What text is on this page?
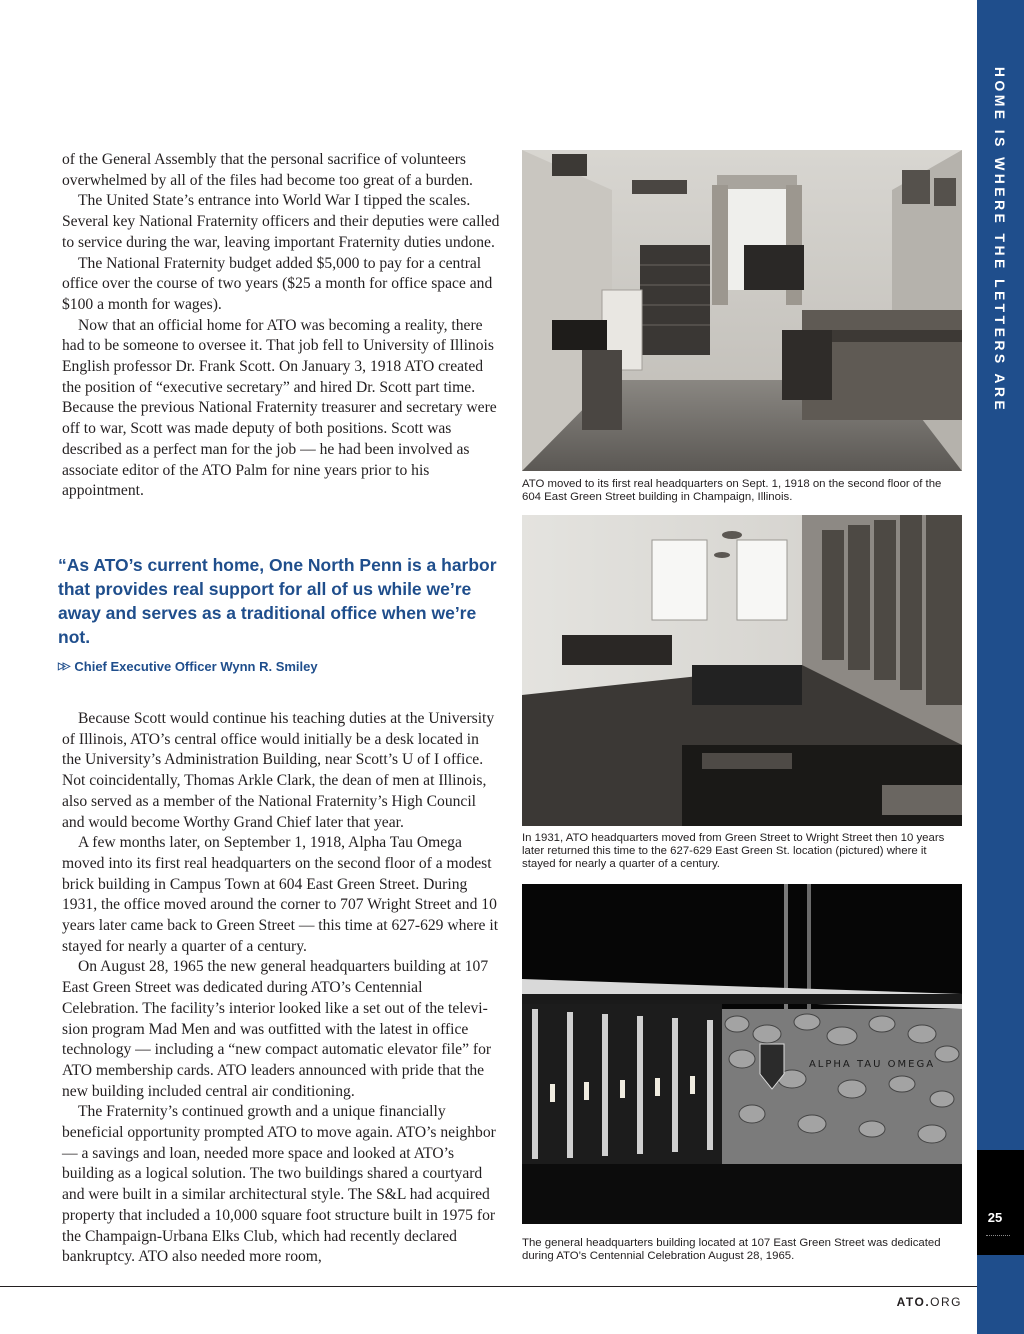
of the General Assembly that the personal sacrifice of volunteers overwhelmed by all of the files had become too great of a burden.

The United State’s entrance into World War I tipped the scales. Several key National Fraternity officers and their deputies were called to service during the war, leaving important Fraternity duties undone.

The National Fraternity budget added $5,000 to pay for a central office over the course of two years ($25 a month for office space and $100 a month for wages).

Now that an official home for ATO was becoming a reality, there had to be someone to oversee it. That job fell to University of Illinois English professor Dr. Frank Scott. On January 3, 1918 ATO created the position of “executive secretary” and hired Dr. Scott part time. Because the previous National Fraternity treasurer and secretary were off to war, Scott was made deputy of both positions. Scott was described as a perfect man for the job — he had been involved as associate editor of the ATO Palm for nine years prior to his appointment.

“As ATO’s current home, One North Penn is a harbor that provides real support for all of us while we’re away and serves as a traditional office when we’re not.

▷▷ Chief Executive Officer Wynn R. Smiley

Because Scott would continue his teaching duties at the University of Illinois, ATO’s central office would initially be a desk located in the University’s Administration Building, near Scott’s U of I office. Not coincidentally, Thomas Arkle Clark, the dean of men at Illinois, also served as a member of the National Fraternity’s High Council and would become Worthy Grand Chief later that year.

A few months later, on September 1, 1918, Alpha Tau Omega moved into its first real headquarters on the second floor of a modest brick building in Campus Town at 604 East Green Street. During 1931, the office moved around the corner to 707 Wright Street and 10 years later came back to Green Street — this time at 627-629 where it stayed for nearly a quarter of a century.

On August 28, 1965 the new general headquarters building at 107 East Green Street was dedicated during ATO’s Centennial Celebration. The facility’s interior looked like a set out of the televi-sion program Mad Men and was outfitted with the latest in office technology — including a “new compact automatic elevator file” for ATO membership cards. ATO leaders announced with pride that the new building included central air conditioning.

The Fraternity’s continued growth and a unique financially beneficial opportunity prompted ATO to move again. ATO’s neighbor — a savings and loan, needed more space and looked at ATO’s building as a logical solution. The two buildings shared a courtyard and were built in a similar architectural style. The S&L had acquired property that included a 10,000 square foot structure built in 1975 for the Champaign-Urbana Elks Club, which had recently declared bankruptcy. ATO also needed more room,

ATO moved to its first real headquarters on Sept. 1, 1918 on the second floor of the 604 East Green Street building in Champaign, Illinois.
In 1931, ATO headquarters moved from Green Street to Wright Street then 10 years later returned this time to the 627-629 East Green St. location (pictured) where it stayed for nearly a quarter of a century.
ALPHA TAU OMEGA
The general headquarters building located at 107 East Green Street was dedicated during ATO’s Centennial Celebration August 28, 1965.
HOME IS WHERE THE LETTERS ARE
25
ATO.ORG
